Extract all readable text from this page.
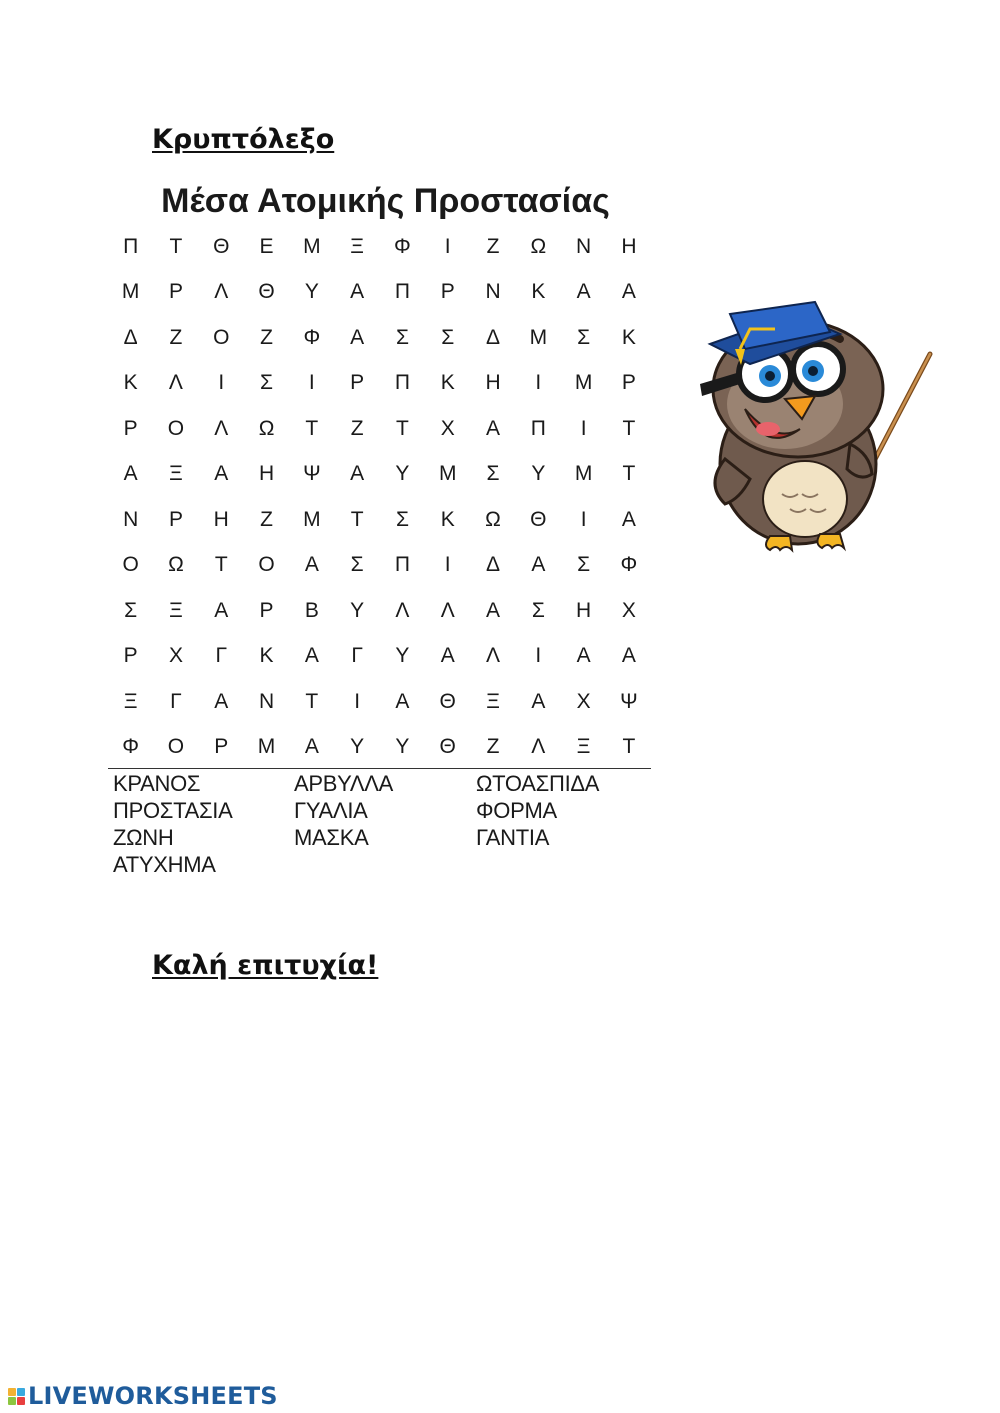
Κρυπτόλεξο
Μέσα Ατομικής Προστασίας
Π	Τ	Θ	Ε	Μ	Ξ	Φ	Ι	Ζ	Ω	Ν	Η
Μ	Ρ	Λ	Θ	Υ	Α	Π	Ρ	Ν	Κ	Α	Α
Δ	Ζ	Ο	Ζ	Φ	Α	Σ	Σ	Δ	Μ	Σ	Κ
Κ	Λ	Ι	Σ	Ι	Ρ	Π	Κ	Η	Ι	Μ	Ρ
Ρ	Ο	Λ	Ω	Τ	Ζ	Τ	Χ	Α	Π	Ι	Τ
Α	Ξ	Α	Η	Ψ	Α	Υ	Μ	Σ	Υ	Μ	Τ
Ν	Ρ	Η	Ζ	Μ	Τ	Σ	Κ	Ω	Θ	Ι	Α
Ο	Ω	Τ	Ο	Α	Σ	Π	Ι	Δ	Α	Σ	Φ
Σ	Ξ	Α	Ρ	Β	Υ	Λ	Λ	Α	Σ	Η	Χ
Ρ	Χ	Γ	Κ	Α	Γ	Υ	Α	Λ	Ι	Α	Α
Ξ	Γ	Α	Ν	Τ	Ι	Α	Θ	Ξ	Α	Χ	Ψ
Φ	Ο	Ρ	Μ	Α	Υ	Υ	Θ	Ζ	Λ	Ξ	Τ
ΚΡΑΝΟΣ	ΑΡΒΥΛΛΑ	ΩΤΟΑΣΠΙΔΑ
ΠΡΟΣΤΑΣΙΑ	ΓΥΑΛΙΑ	ΦΟΡΜΑ
ΖΩΝΗ	ΜΑΣΚΑ	ΓΑΝΤΙΑ
ΑΤΥΧΗΜΑ
Καλή επιτυχία!
LIVEWORKSHEETS
